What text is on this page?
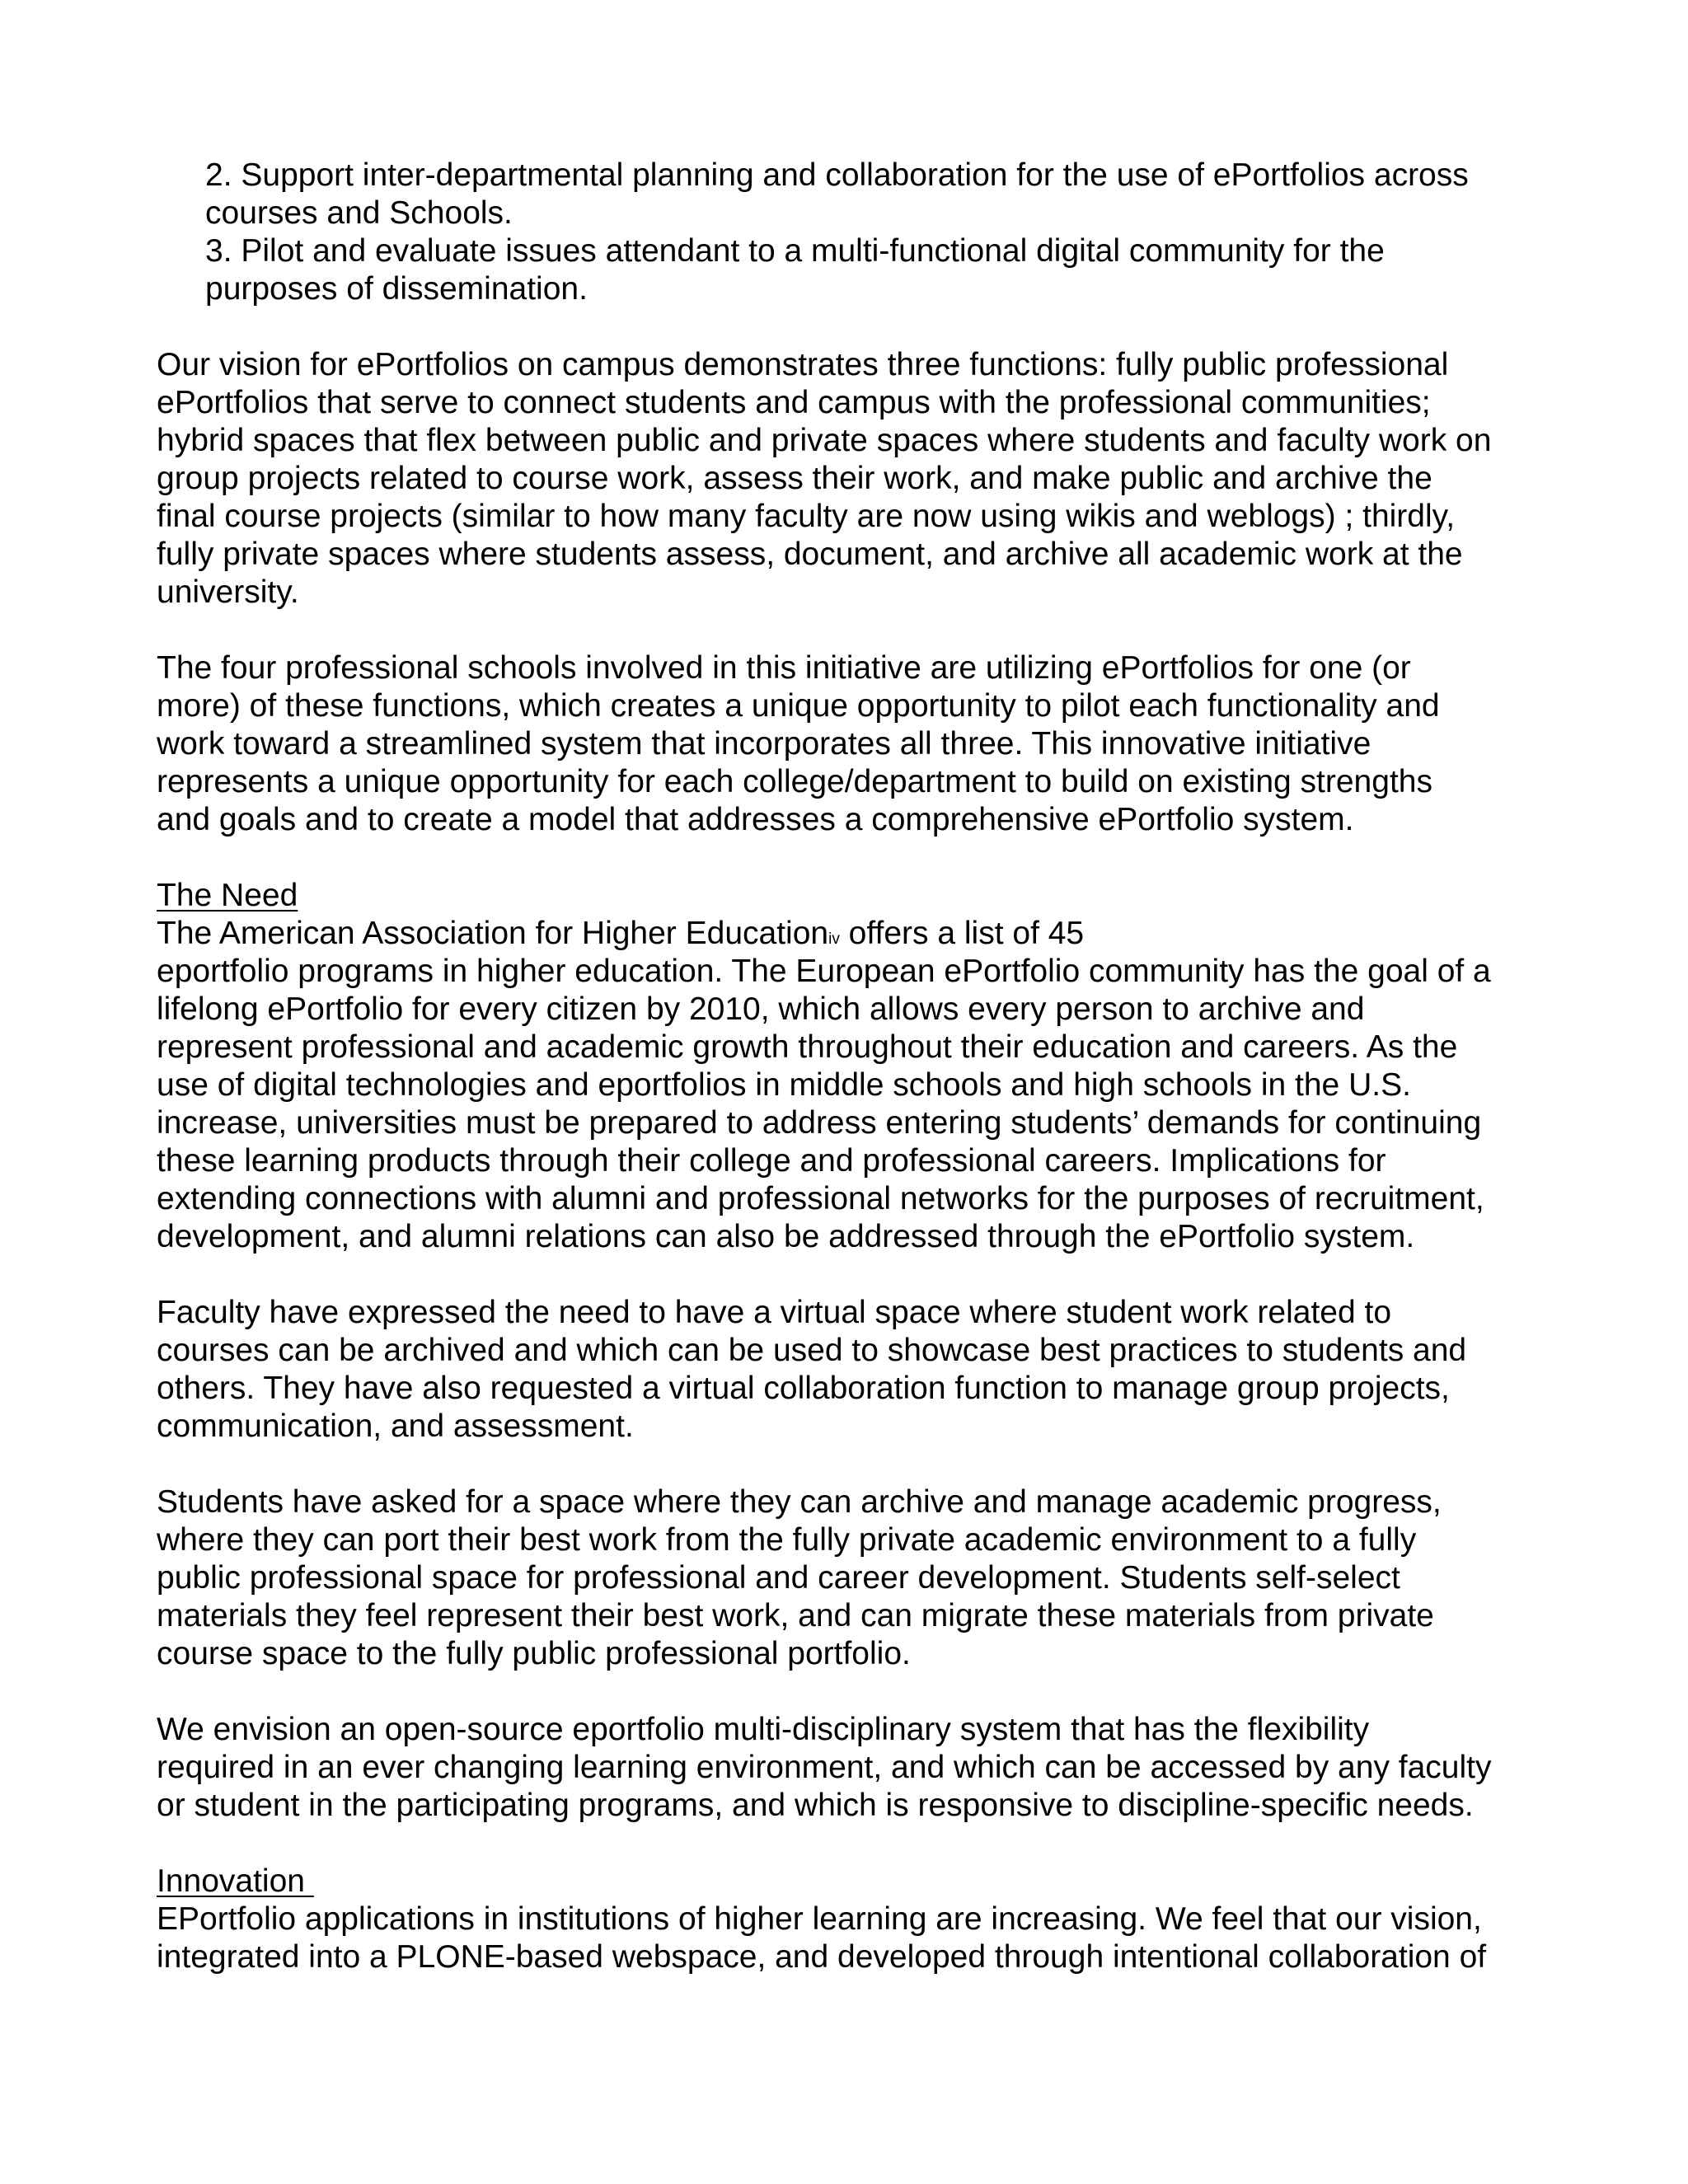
2. Support inter-departmental planning and collaboration for the use of ePortfolios across
courses and Schools.
3. Pilot and evaluate issues attendant to a multi-functional digital community for the
purposes of dissemination.
Our vision for ePortfolios on campus demonstrates three functions: fully public professional
ePortfolios that serve to connect students and campus with the professional communities;
hybrid spaces that flex between public and private spaces where students and faculty work on
group projects related to course work, assess their work, and make public and archive the
final course projects (similar to how many faculty are now using wikis and weblogs) ; thirdly,
fully private spaces where students assess, document, and archive all academic work at the
university.
The four professional schools involved in this initiative are utilizing ePortfolios for one (or
more) of these functions, which creates a unique opportunity to pilot each functionality and
work toward a streamlined system that incorporates all three. This innovative initiative
represents a unique opportunity for each college/department to build on existing strengths
and goals and to create a model that addresses a comprehensive ePortfolio system.
The Need
The American Association for Higher Educationiv offers a list of 45
eportfolio programs in higher education. The European ePortfolio community has the goal of a
lifelong ePortfolio for every citizen by 2010, which allows every person to archive and
represent professional and academic growth throughout their education and careers. As the
use of digital technologies and eportfolios in middle schools and high schools in the U.S.
increase, universities must be prepared to address entering students’ demands for continuing
these learning products through their college and professional careers. Implications for
extending connections with alumni and professional networks for the purposes of recruitment,
development, and alumni relations can also be addressed through the ePortfolio system.
Faculty have expressed the need to have a virtual space where student work related to
courses can be archived and which can be used to showcase best practices to students and
others. They have also requested a virtual collaboration function to manage group projects,
communication, and assessment.
Students have asked for a space where they can archive and manage academic progress,
where they can port their best work from the fully private academic environment to a fully
public professional space for professional and career development. Students self-select
materials they feel represent their best work, and can migrate these materials from private
course space to the fully public professional portfolio.
We envision an open-source eportfolio multi-disciplinary system that has the flexibility
required in an ever changing learning environment, and which can be accessed by any faculty
or student in the participating programs, and which is responsive to discipline-specific needs.
Innovation
EPortfolio applications in institutions of higher learning are increasing. We feel that our vision,
integrated into a PLONE-based webspace, and developed through intentional collaboration of
